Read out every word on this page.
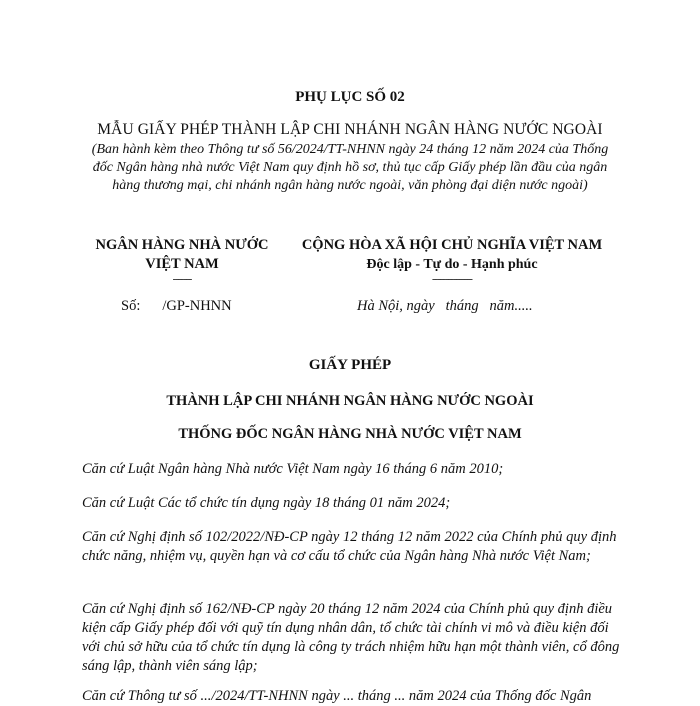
PHỤ LỤC SỐ 02
MẪU GIẤY PHÉP THÀNH LẬP CHI NHÁNH NGÂN HÀNG NƯỚC NGOÀI
(Ban hành kèm theo Thông tư số 56/2024/TT-NHNN ngày 24 tháng 12 năm 2024 của Thống đốc Ngân hàng nhà nước Việt Nam quy định hồ sơ, thủ tục cấp Giấy phép lần đầu của ngân hàng thương mại, chi nhánh ngân hàng nước ngoài, văn phòng đại diện nước ngoài)
NGÂN HÀNG NHÀ NƯỚC
VIỆT NAM
-------
CỘNG HÒA XÃ HỘI CHỦ NGHĨA VIỆT NAM
Độc lập - Tự do - Hạnh phúc
---------------
Số: /GP-NHNN	Hà Nội, ngày   tháng   năm.....
GIẤY PHÉP
THÀNH LẬP CHI NHÁNH NGÂN HÀNG NƯỚC NGOÀI
THỐNG ĐỐC NGÂN HÀNG NHÀ NƯỚC VIỆT NAM

Căn cứ Luật Ngân hàng Nhà nước Việt Nam ngày 16 tháng 6 năm 2010;

Căn cứ Luật Các tổ chức tín dụng ngày 18 tháng 01 năm 2024;

Căn cứ Nghị định số 102/2022/NĐ-CP ngày 12 tháng 12 năm 2022 của Chính phủ quy định chức năng, nhiệm vụ, quyền hạn và cơ cấu tổ chức của Ngân hàng Nhà nước Việt Nam;

Căn cứ Nghị định số 162/NĐ-CP ngày 20 tháng 12 năm 2024 của Chính phủ quy định điều kiện cấp Giấy phép đối với quỹ tín dụng nhân dân, tổ chức tài chính vi mô và điều kiện đối với chủ sở hữu của tổ chức tín dụng là công ty trách nhiệm hữu hạn một thành viên, cổ đông sáng lập, thành viên sáng lập;

Căn cứ Thông tư số .../2024/TT-NHNN ngày ... tháng ... năm 2024 của Thống đốc Ngân
